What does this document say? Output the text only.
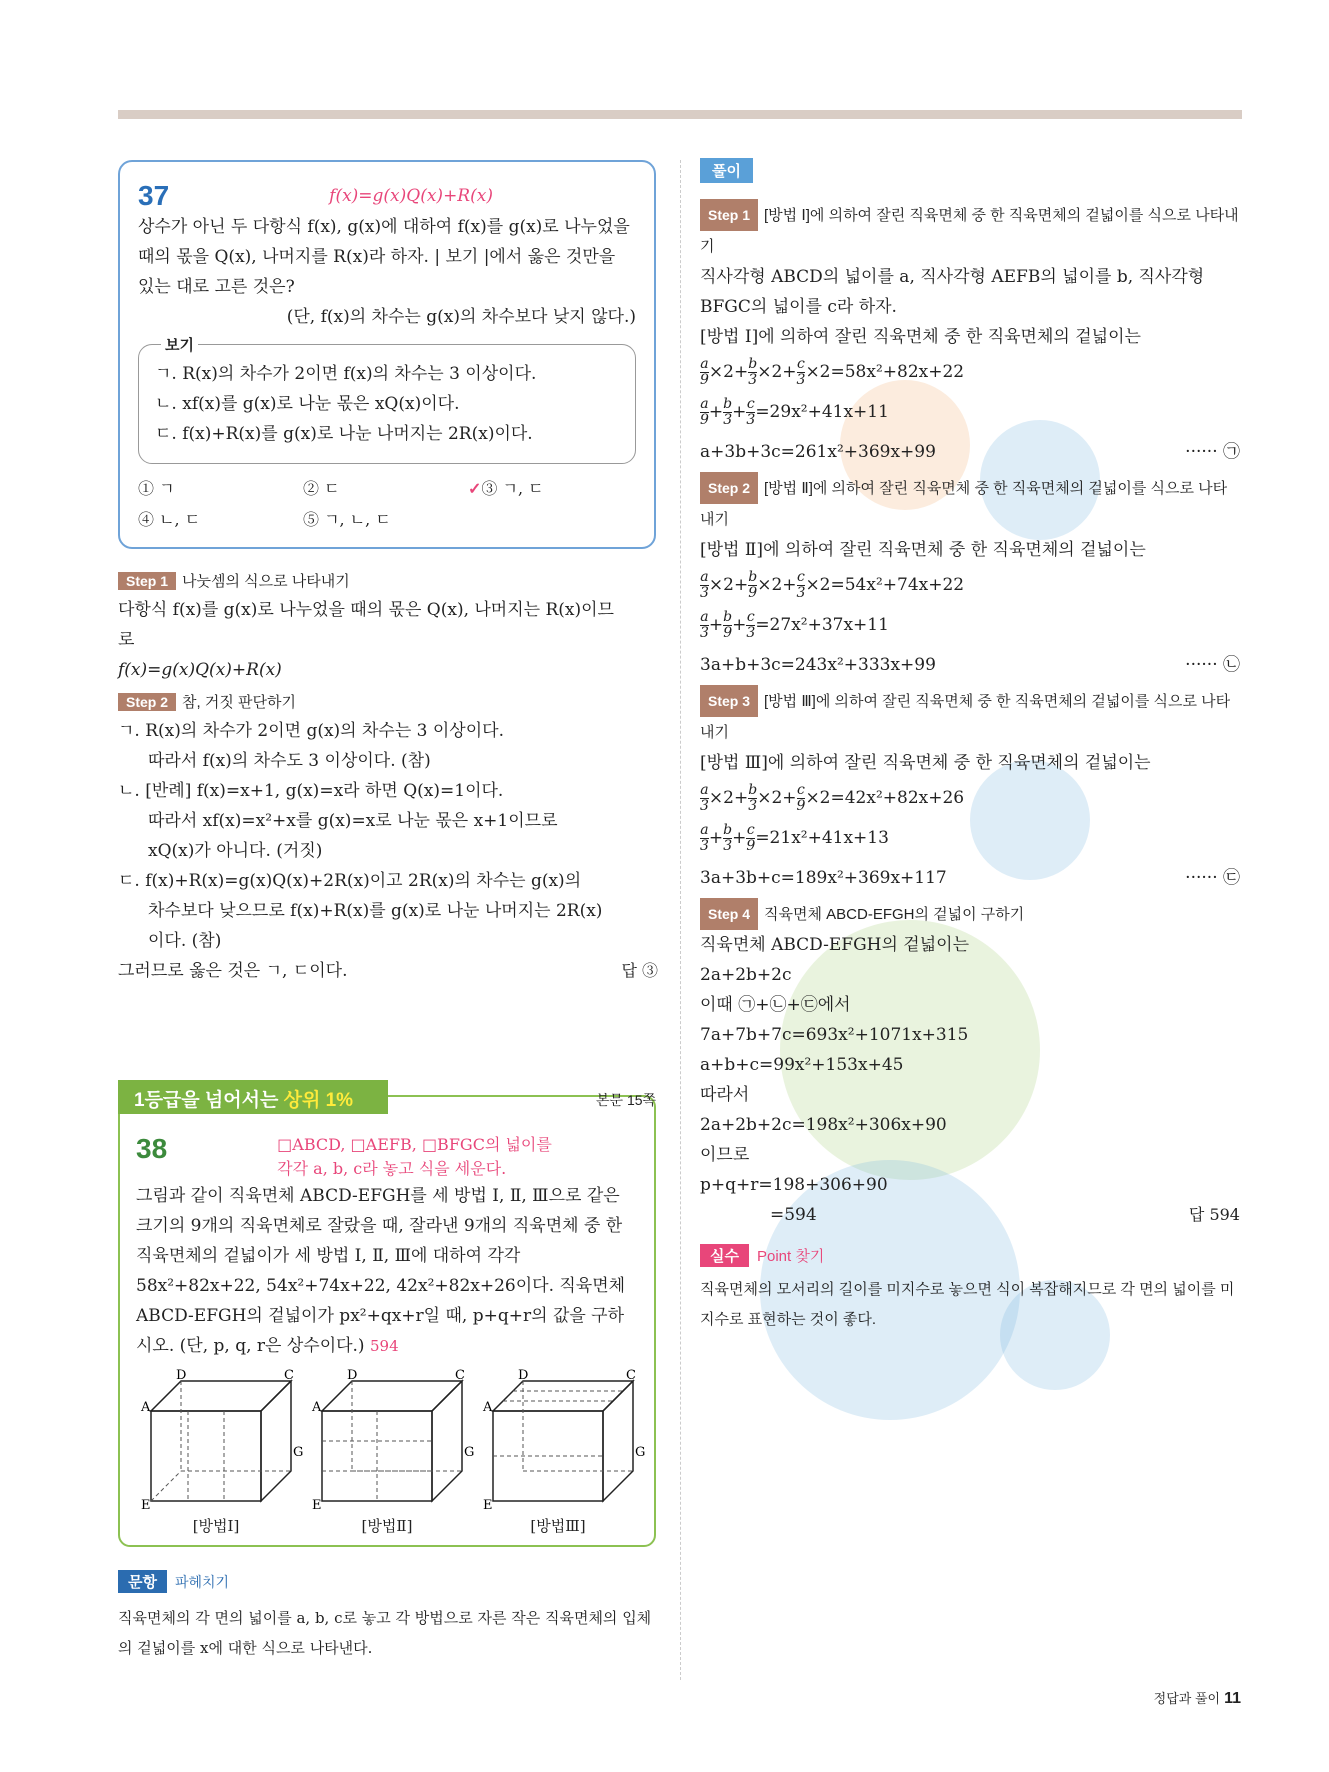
37	f(x)=g(x)Q(x)+R(x)
상수가 아닌 두 다항식 f(x), g(x)에 대하여 f(x)를 g(x)로 나누었을 때의 몫을 Q(x), 나머지를 R(x)라 하자. | 보기 |에서 옳은 것만을 있는 대로 고른 것은?
(단, f(x)의 차수는 g(x)의 차수보다 낮지 않다.)
보기
ㄱ. R(x)의 차수가 2이면 f(x)의 차수는 3 이상이다.
ㄴ. xf(x)를 g(x)로 나눈 몫은 xQ(x)이다.
ㄷ. f(x)+R(x)를 g(x)로 나눈 나머지는 2R(x)이다.
① ㄱ	② ㄷ	✓③ ㄱ, ㄷ
④ ㄴ, ㄷ	⑤ ㄱ, ㄴ, ㄷ
Step 1 나눗셈의 식으로 나타내기
다항식 f(x)를 g(x)로 나누었을 때의 몫은 Q(x), 나머지는 R(x)이므
로
f(x)=g(x)Q(x)+R(x)
Step 2 참, 거짓 판단하기
ㄱ. R(x)의 차수가 2이면 g(x)의 차수는 3 이상이다.
따라서 f(x)의 차수도 3 이상이다. (참)
ㄴ. [반례] f(x)=x+1, g(x)=x라 하면 Q(x)=1이다.
따라서 xf(x)=x²+x를 g(x)=x로 나눈 몫은 x+1이므로
xQ(x)가 아니다. (거짓)
ㄷ. f(x)+R(x)=g(x)Q(x)+2R(x)이고 2R(x)의 차수는 g(x)의
차수보다 낮으므로 f(x)+R(x)를 g(x)로 나눈 나머지는 2R(x)
이다. (참)
그러므로 옳은 것은 ㄱ, ㄷ이다.	답 ③
38	□ABCD, □AEFB, □BFGC의 넓이를
각각 a, b, c라 놓고 식을 세운다.
그림과 같이 직육면체 ABCD-EFGH를 세 방법 Ⅰ, Ⅱ, Ⅲ으로 같은 크기의 9개의 직육면체로 잘랐을 때, 잘라낸 9개의 직육면체 중 한 직육면체의 겉넓이가 세 방법 Ⅰ, Ⅱ, Ⅲ에 대하여 각각 58x²+82x+22, 54x²+74x+22, 42x²+82x+26이다. 직육면체 ABCD-EFGH의 겉넓이가 px²+qx+r일 때, p+q+r의 값을 구하시오. (단, p, q, r은 상수이다.) 594
A
D	C
E
G
[방법Ⅰ]
A
D	C
E
G
[방법Ⅱ]
A
D	C
E
G
[방법Ⅲ]
1등급을 넘어서는 상위 1%	본문 15쪽
문항 파헤치기
직육면체의 각 면의 넓이를 a, b, c로 놓고 각 방법으로 자른 작은 직육면체의 입체의 겉넓이를 x에 대한 식으로 나타낸다.
풀이
Step 1 [방법 Ⅰ]에 의하여 잘린 직육면체 중 한 직육면체의 겉넓이를 식으로 나타내기
직사각형 ABCD의 넓이를 a, 직사각형 AEFB의 넓이를 b, 직사각형 BFGC의 넓이를 c라 하자.
[방법 Ⅰ]에 의하여 잘린 직육면체 중 한 직육면체의 겉넓이는
$\frac{a}{9} \times 2+ \frac{b}{3} \times 2+ \frac{c}{3} \times 2=58x^2+82x+22$
$\frac{a}{9} + \frac{b}{3} + \frac{c}{3} =29x^2+41x+11$
a+3b+3c=261x²+369x+99	······ ㉠
Step 2 [방법 Ⅱ]에 의하여 잘린 직육면체 중 한 직육면체의 겉넓이를 식으로 나타내기
[방법 Ⅱ]에 의하여 잘린 직육면체 중 한 직육면체의 겉넓이는
$\frac{a}{3} \times 2+ \frac{b}{9} \times 2+ \frac{c}{3} \times 2=54x^2+74x+22$
$\frac{a}{3} + \frac{b}{9} + \frac{c}{3} =27x^2+37x+11$
3a+b+3c=243x²+333x+99	······ ㉡
Step 3 [방법 Ⅲ]에 의하여 잘린 직육면체 중 한 직육면체의 겉넓이를 식으로 나타내기
[방법 Ⅲ]에 의하여 잘린 직육면체 중 한 직육면체의 겉넓이는
$\frac{a}{3} \times 2+ \frac{b}{3} \times 2+ \frac{c}{9} \times 2=42x^2+82x+26$
$\frac{a}{3} + \frac{b}{3} + \frac{c}{9} =21x^2+41x+13$
3a+3b+c=189x²+369x+117	······ ㉢
Step 4 직육면체 ABCD-EFGH의 겉넓이 구하기
직육면체 ABCD-EFGH의 겉넓이는
2a+2b+2c
이때 ㉠+㉡+㉢에서
7a+7b+7c=693x²+1071x+315
a+b+c=99x²+153x+45
따라서
2a+2b+2c=198x²+306x+90
이므로
p+q+r=198+306+90
=594	답 594
실수 Point 찾기
직육면체의 모서리의 길이를 미지수로 놓으면 식이 복잡해지므로 각 면의 넓이를 미지수로 표현하는 것이 좋다.
정답과 풀이 11
